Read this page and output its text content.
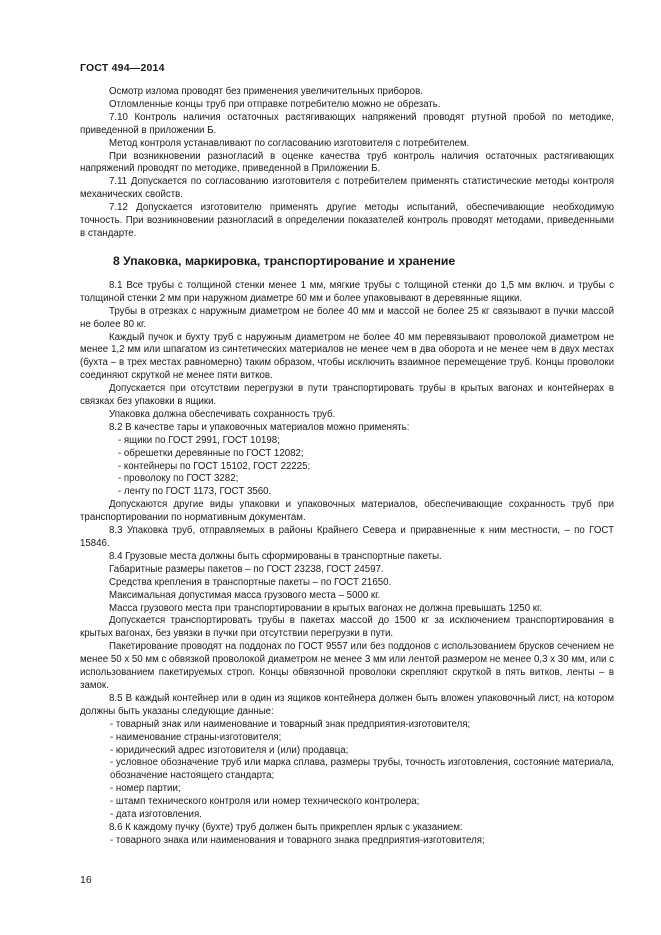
ГОСТ 494—2014

Осмотр излома проводят без применения увеличительных приборов.

Отломленные концы труб при отправке потребителю можно не обрезать.

7.10 Контроль наличия остаточных растягивающих напряжений проводят ртутной пробой по методике, приведенной в приложении Б.

Метод контроля устанавливают по согласованию изготовителя с потребителем.

При возникновении разногласий в оценке качества труб контроль наличия остаточных растягивающих напряжений проводят по методике, приведенной в Приложении Б.

7.11 Допускается по согласованию изготовителя с потребителем применять статистические методы контроля механических свойств.

7.12 Допускается изготовителю применять другие методы испытаний, обеспечивающие необходимую точность. При возникновении разногласий в определении показателей контроль проводят методами, приведенными в стандарте.

8 Упаковка, маркировка, транспортирование и хранение

8.1 Все трубы с толщиной стенки менее 1 мм, мягкие трубы с толщиной стенки до 1,5 мм включ. и трубы с толщиной стенки 2 мм при наружном диаметре 60 мм и более упаковывают в деревянные ящики.

Трубы в отрезках с наружным диаметром не более 40 мм и массой не более 25 кг связывают в пучки массой не более 80 кг.

Каждый пучок и бухту труб с наружным диаметром не более 40 мм перевязывают проволокой диаметром не менее 1,2 мм или шпагатом из синтетических материалов не менее чем в два оборота и не менее чем в двух местах (бухта – в трех местах равномерно) таким образом, чтобы исключить взаимное перемещение труб. Концы проволоки соединяют скруткой не менее пяти витков.

Допускается при отсутствии перегрузки в пути транспортировать трубы в крытых вагонах и контейнерах в связках без упаковки в ящики.

Упаковка должна обеспечивать сохранность труб.

8.2 В качестве тары и упаковочных материалов можно применять:

- ящики по ГОСТ 2991, ГОСТ 10198;

- обрешетки деревянные по ГОСТ 12082;

- контейнеры по ГОСТ 15102, ГОСТ 22225;

- проволоку по ГОСТ 3282;

- ленту по ГОСТ 1173, ГОСТ 3560.

Допускаются другие виды упаковки и упаковочных материалов, обеспечивающие сохранность труб при транспортировании по нормативным документам.

8.3 Упаковка труб, отправляемых в районы Крайнего Севера и приравненные к ним местности, – по ГОСТ 15846.

8.4 Грузовые места должны быть сформированы в транспортные пакеты.

Габаритные размеры пакетов – по ГОСТ 23238, ГОСТ 24597.

Средства крепления в транспортные пакеты – по ГОСТ 21650.

Максимальная допустимая масса грузового места – 5000 кг.

Масса грузового места при транспортировании в крытых вагонах не должна превышать 1250 кг.

Допускается транспортировать трубы в пакетах массой до 1500 кг за исключением транспортирования в крытых вагонах, без увязки в пучки при отсутствии перегрузки в пути.

Пакетирование проводят на поддонах по ГОСТ 9557 или без поддонов с использованием брусков сечением не менее 50 х 50 мм с обвязкой проволокой диаметром не менее 3 мм или лентой размером не менее 0,3 х 30 мм, или с использованием пакетируемых строп. Концы обвязочной проволоки скрепляют скруткой в пять витков, ленты – в замок.

8.5 В каждый контейнер или в один из ящиков контейнера должен быть вложен упаковочный лист, на котором должны быть указаны следующие данные:

- товарный знак или наименование и товарный знак предприятия-изготовителя;

- наименование страны-изготовителя;

- юридический адрес изготовителя и (или) продавца;

- условное обозначение труб или марка сплава, размеры трубы, точность изготовления, состояние материала, обозначение настоящего стандарта;

- номер партии;

- штамп технического контроля или номер технического контролера;

- дата изготовления.

8.6 К каждому пучку (бухте) труб должен быть прикреплен ярлык с указанием:

- товарного знака или наименования и товарного знака предприятия-изготовителя;

16
